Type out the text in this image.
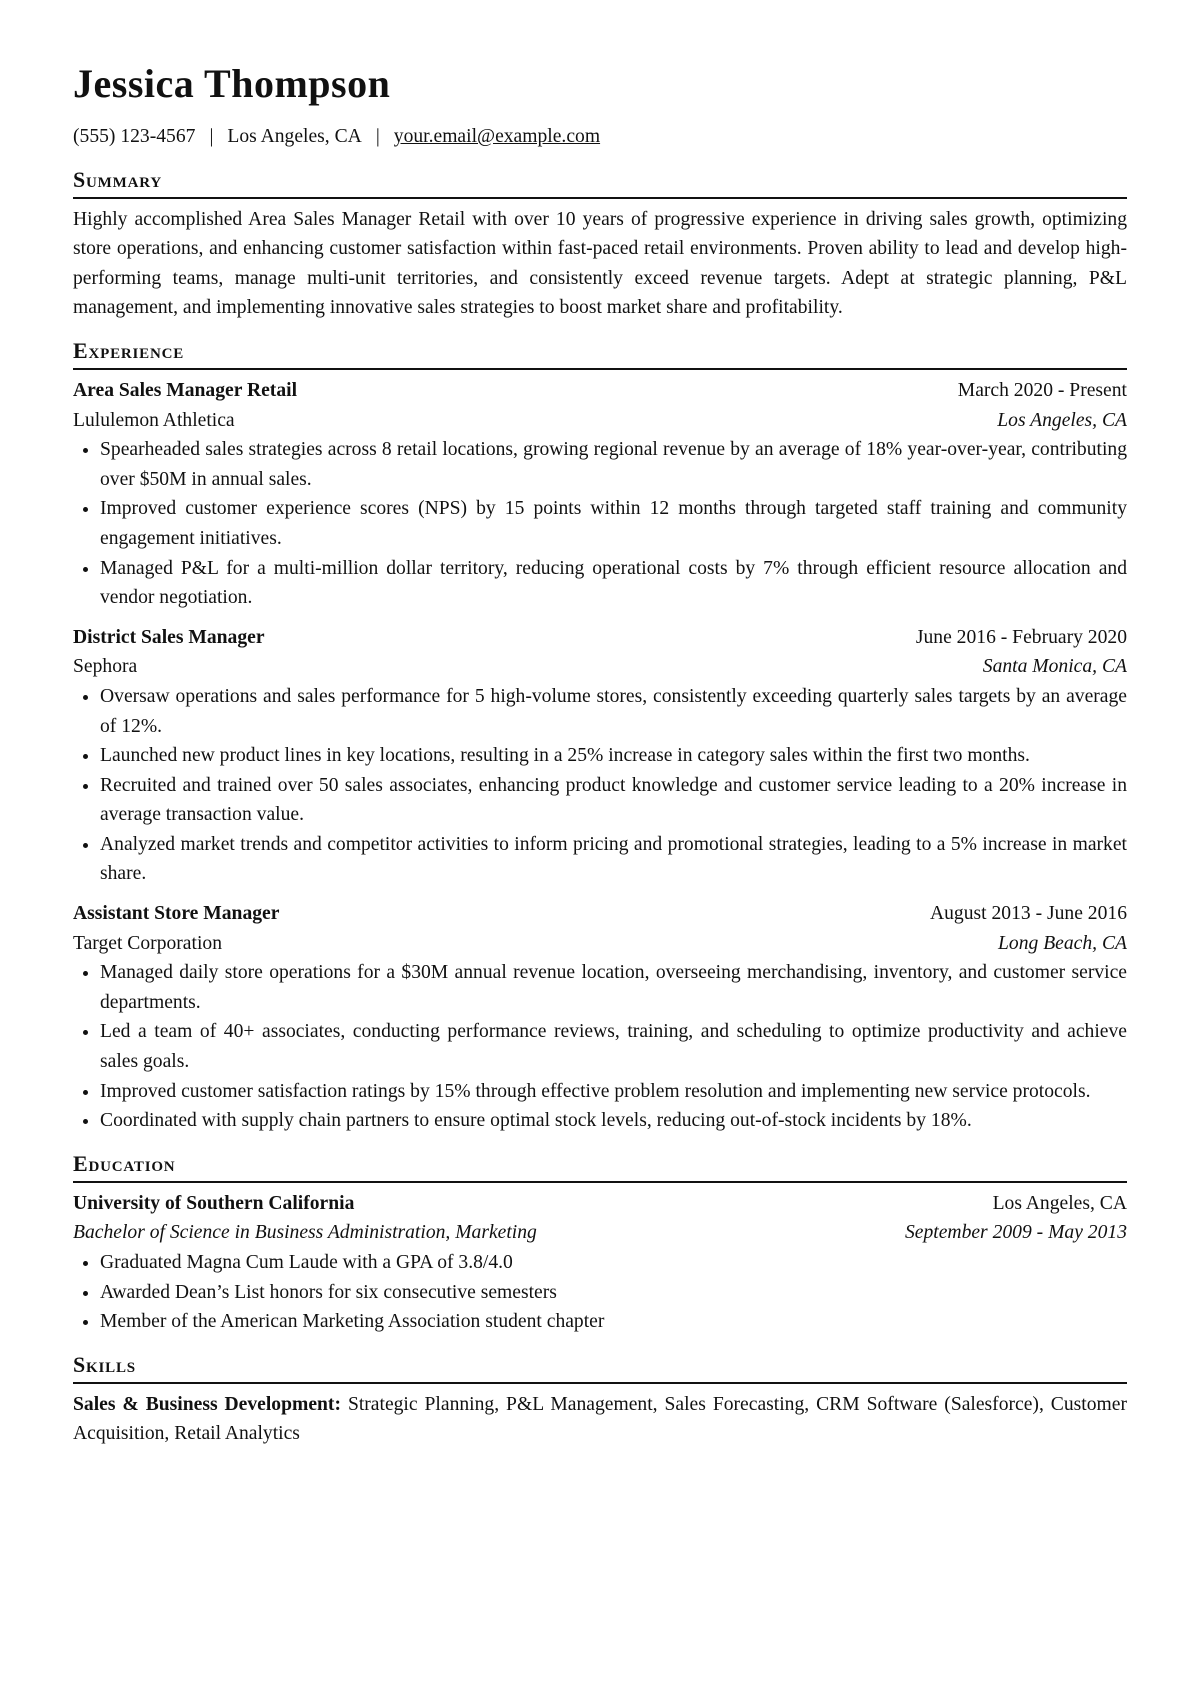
Jessica Thompson
(555) 123-4567 | Los Angeles, CA | your.email@example.com
Summary
Highly accomplished Area Sales Manager Retail with over 10 years of progressive experience in driving sales growth, optimizing store operations, and enhancing customer satisfaction within fast-paced retail environments. Proven ability to lead and develop high-performing teams, manage multi-unit territories, and consistently exceed revenue targets. Adept at strategic planning, P&L management, and implementing innovative sales strategies to boost market share and profitability.
Experience
Area Sales Manager Retail	March 2020 - Present
Lululemon Athletica	Los Angeles, CA
• Spearheaded sales strategies across 8 retail locations, growing regional revenue by an average of 18% year-over-year, contributing over $50M in annual sales.
• Improved customer experience scores (NPS) by 15 points within 12 months through targeted staff training and community engagement initiatives.
• Managed P&L for a multi-million dollar territory, reducing operational costs by 7% through efficient resource allocation and vendor negotiation.
District Sales Manager	June 2016 - February 2020
Sephora	Santa Monica, CA
• Oversaw operations and sales performance for 5 high-volume stores, consistently exceeding quarterly sales targets by an average of 12%.
• Launched new product lines in key locations, resulting in a 25% increase in category sales within the first two months.
• Recruited and trained over 50 sales associates, enhancing product knowledge and customer service leading to a 20% increase in average transaction value.
• Analyzed market trends and competitor activities to inform pricing and promotional strategies, leading to a 5% increase in market share.
Assistant Store Manager	August 2013 - June 2016
Target Corporation	Long Beach, CA
• Managed daily store operations for a $30M annual revenue location, overseeing merchandising, inventory, and customer service departments.
• Led a team of 40+ associates, conducting performance reviews, training, and scheduling to optimize productivity and achieve sales goals.
• Improved customer satisfaction ratings by 15% through effective problem resolution and implementing new service protocols.
• Coordinated with supply chain partners to ensure optimal stock levels, reducing out-of-stock incidents by 18%.
Education
University of Southern California	Los Angeles, CA
Bachelor of Science in Business Administration, Marketing	September 2009 - May 2013
• Graduated Magna Cum Laude with a GPA of 3.8/4.0
• Awarded Dean’s List honors for six consecutive semesters
• Member of the American Marketing Association student chapter
Skills
Sales & Business Development: Strategic Planning, P&L Management, Sales Forecasting, CRM Software (Salesforce), Customer Acquisition, Retail Analytics
